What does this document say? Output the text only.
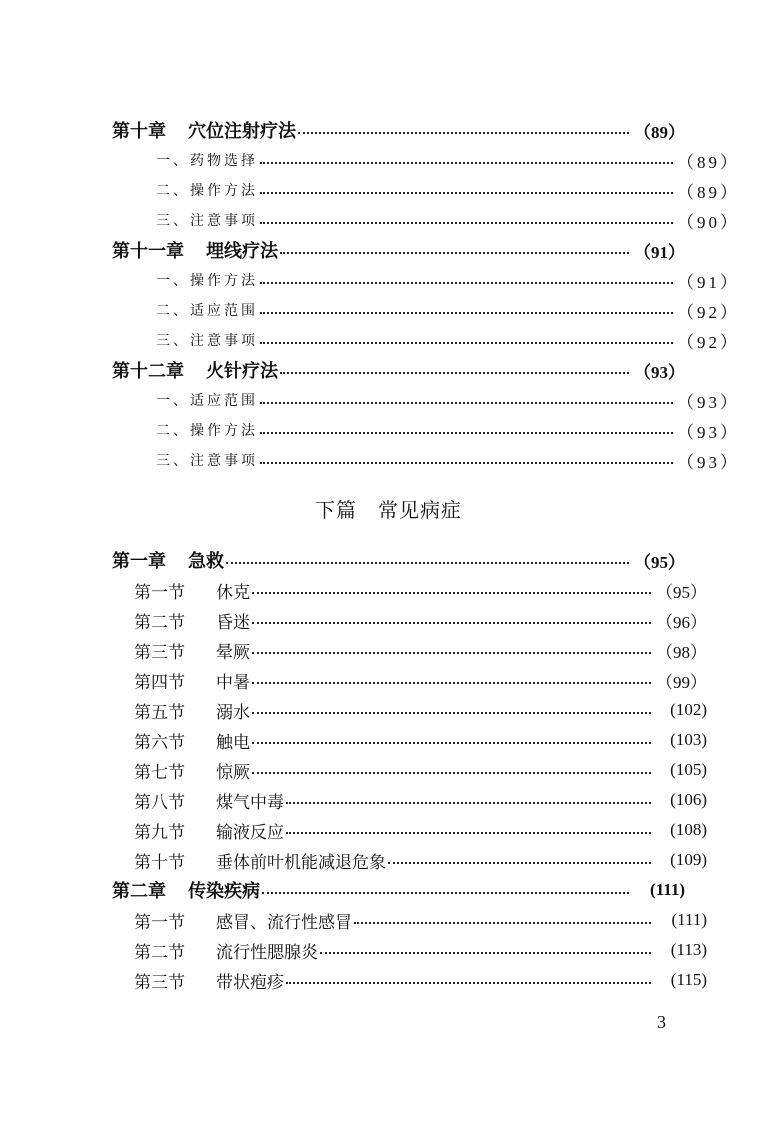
第十章 穴位注射疗法	（89）
一、 药物选择	（89）
二、 操作方法	（89）
三、 注意事项	（90）
第十一章 埋线疗法	（91）
一、 操作方法	（91）
二、 适应范围	（92）
三、 注意事项	（92）
第十二章 火针疗法	（93）
一、 适应范围	（93）
二、 操作方法	（93）
三、 注意事项	（93）
下篇　常见病症
第一章 急救	（95）
第一节	休克	（95）
第二节	昏迷	（96）
第三节	晕厥	（98）
第四节	中暑	（99）
第五节	溺水	(102)
第六节	触电	(103)
第七节	惊厥	(105)
第八节	煤气中毒	(106)
第九节	输液反应	(108)
第十节	垂体前叶机能减退危象	(109)
第二章 传染疾病	(111)
第一节	感冒、流行性感冒	(111)
第二节	流行性腮腺炎	(113)
第三节	带状疱疹	(115)
3
